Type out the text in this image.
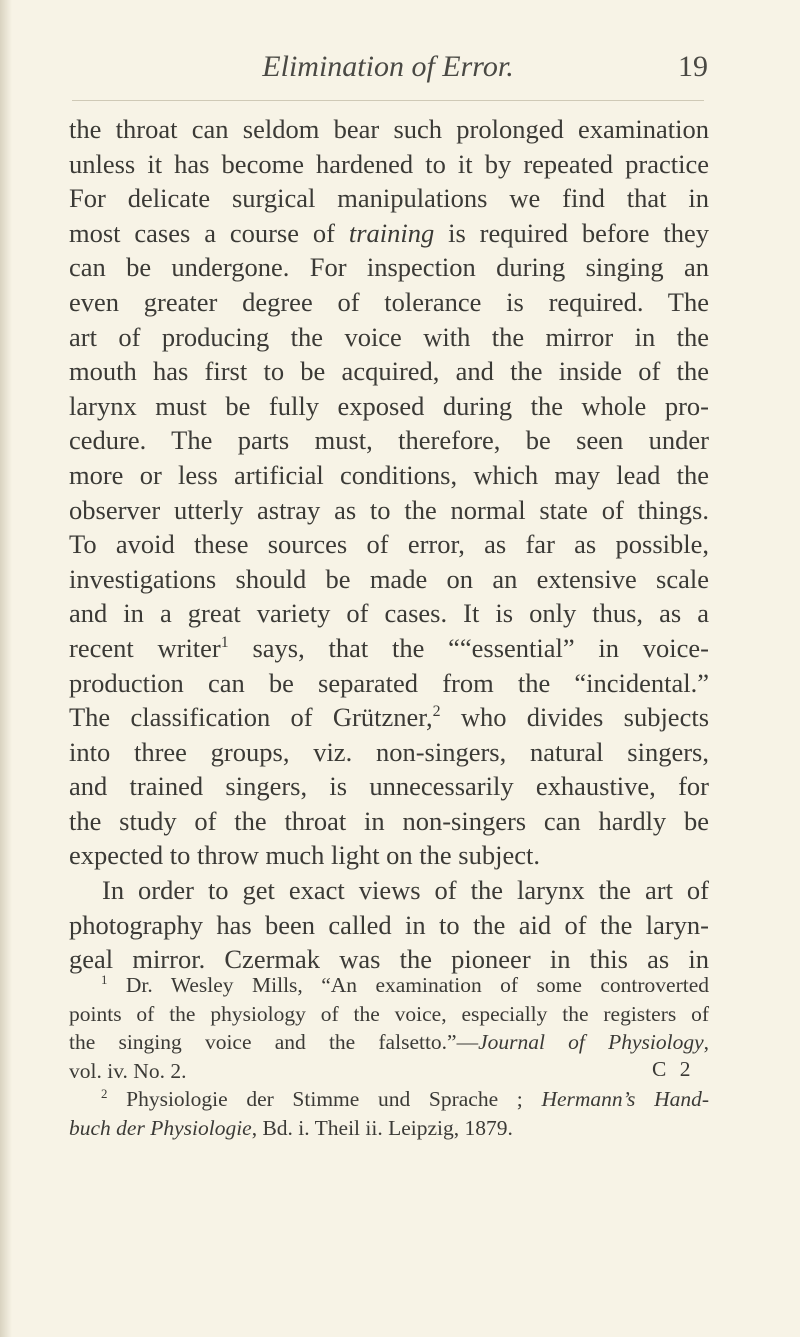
Elimination of Error.	19
the throat can seldom bear such prolonged examination
unless it has become hardened to it by repeated practice
For delicate surgical manipulations we find that in
most cases a course of training is required before they
can be undergone. For inspection during singing an
even greater degree of tolerance is required. The
art of producing the voice with the mirror in the
mouth has first to be acquired, and the inside of the
larynx must be fully exposed during the whole pro-
cedure. The parts must, therefore, be seen under
more or less artificial conditions, which may lead the
observer utterly astray as to the normal state of things.
To avoid these sources of error, as far as possible,
investigations should be made on an extensive scale
and in a great variety of cases. It is only thus, as a
recent writer$^1$ says, that the ““essential” in voice-
production can be separated from the “incidental.”
The classification of Grützner,$^2$ who divides subjects
into three groups, viz. non-singers, natural singers,
and trained singers, is unnecessarily exhaustive, for
the study of the throat in non-singers can hardly be
expected to throw much light on the subject.
In order to get exact views of the larynx the art of
photography has been called in to the aid of the laryn-
geal mirror. Czermak was the pioneer in this as in
$^1$ Dr. Wesley Mills, “An examination of some controverted
points of the physiology of the voice, especially the registers of
the singing voice and the falsetto.”—Journal of Physiology,
vol. iv. No. 2.
$^2$ Physiologie der Stimme und Sprache ; Hermann’s Hand-
buch der Physiologie, Bd. i. Theil ii. Leipzig, 1879.
C 2
